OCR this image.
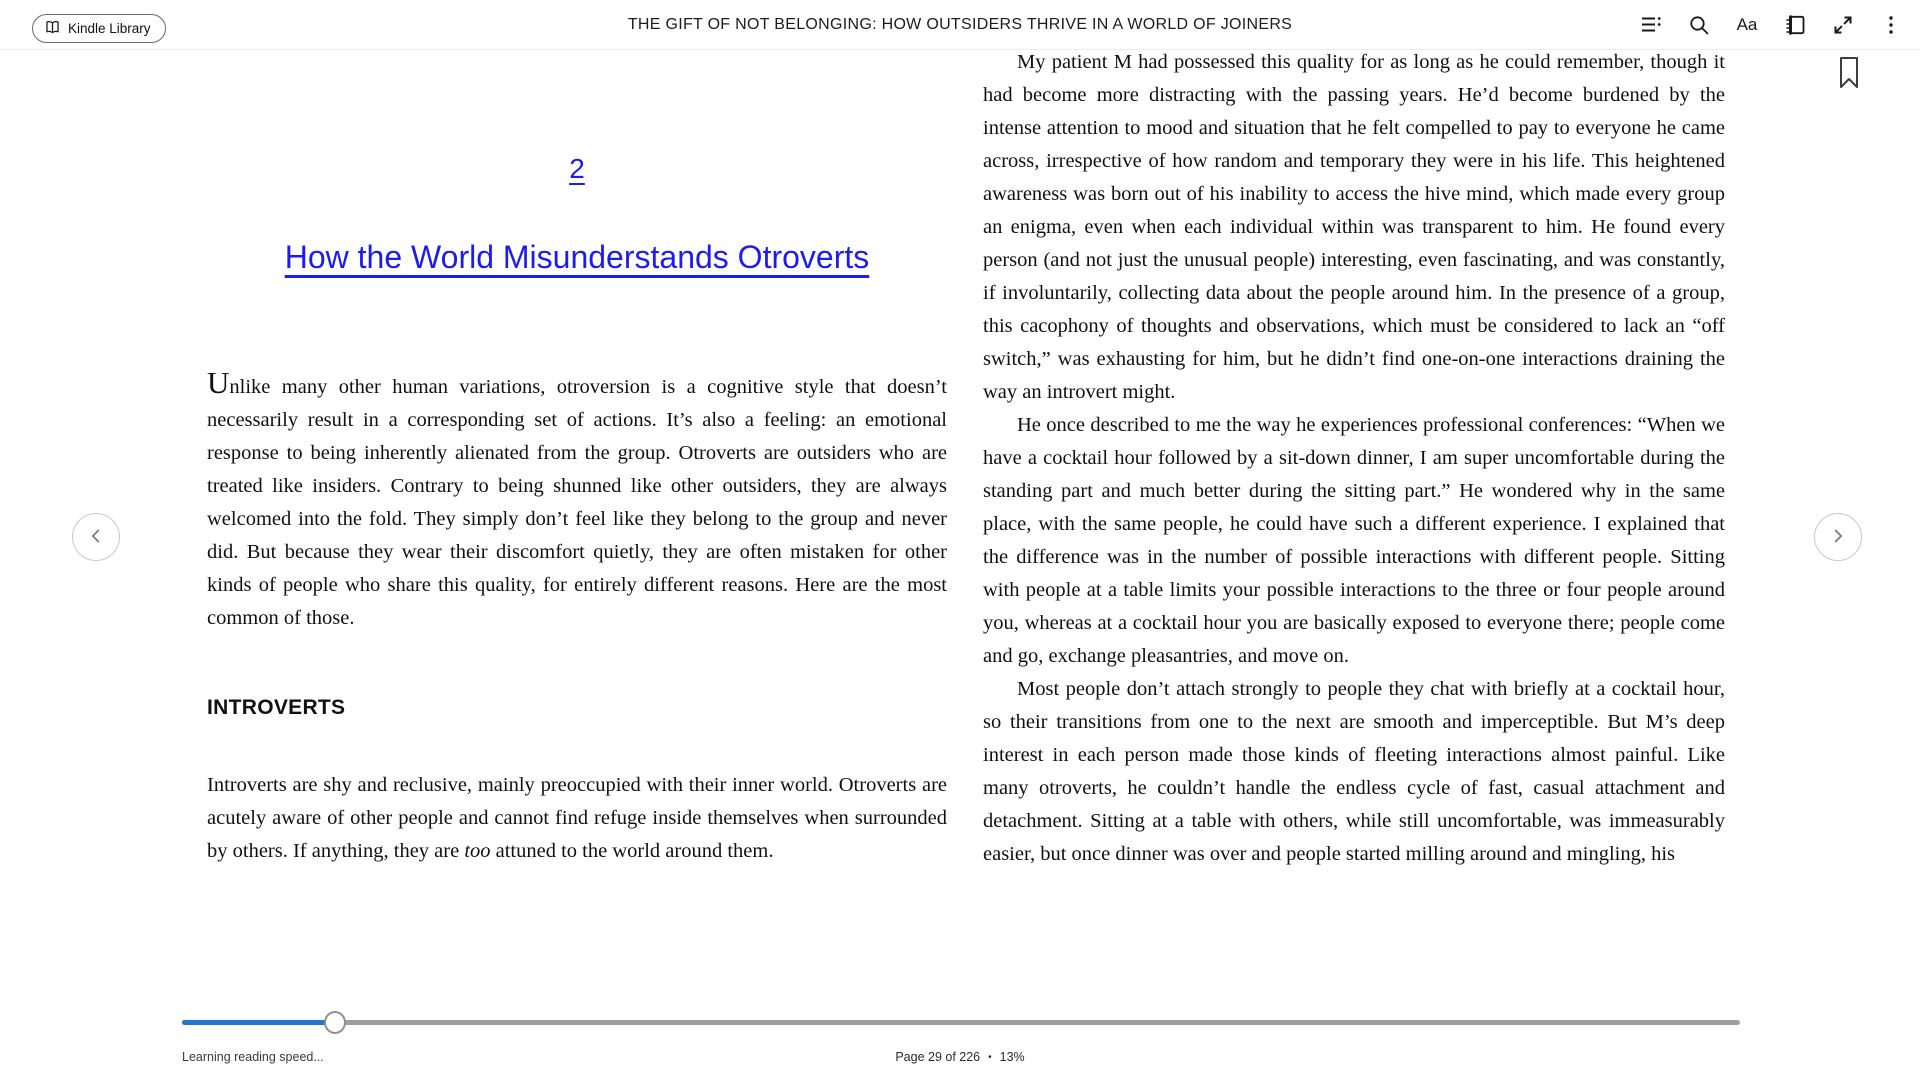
Kindle Library	THE GIFT OF NOT BELONGING: HOW OUTSIDERS THRIVE IN A WORLD OF JOINERS	Aa
2
How the World Misunderstands Otroverts

Unlike many other human variations, otroversion is a cognitive style that doesn’t necessarily result in a corresponding set of actions. It’s also a feeling: an emotional response to being inherently alienated from the group. Otroverts are outsiders who are treated like insiders. Contrary to being shunned like other outsiders, they are always welcomed into the fold. They simply don’t feel like they belong to the group and never did. But because they wear their discomfort quietly, they are often mistaken for other kinds of people who share this quality, for entirely different reasons. Here are the most common of those.

INTROVERTS

Introverts are shy and reclusive, mainly preoccupied with their inner world. Otroverts are acutely aware of other people and cannot find refuge inside themselves when surrounded by others. If anything, they are too attuned to the world around them.

My patient M had possessed this quality for as long as he could remember, though it had become more distracting with the passing years. He’d become burdened by the intense attention to mood and situation that he felt compelled to pay to everyone he came across, irrespective of how random and temporary they were in his life. This heightened awareness was born out of his inability to access the hive mind, which made every group an enigma, even when each individual within was transparent to him. He found every person (and not just the unusual people) interesting, even fascinating, and was constantly, if involuntarily, collecting data about the people around him. In the presence of a group, this cacophony of thoughts and observations, which must be considered to lack an “off switch,” was exhausting for him, but he didn’t find one-on-one interactions draining the way an introvert might.

He once described to me the way he experiences professional conferences: “When we have a cocktail hour followed by a sit-down dinner, I am super uncomfortable during the standing part and much better during the sitting part.” He wondered why in the same place, with the same people, he could have such a different experience. I explained that the difference was in the number of possible interactions with different people. Sitting with people at a table limits your possible interactions to the three or four people around you, whereas at a cocktail hour you are basically exposed to everyone there; people come and go, exchange pleasantries, and move on.

Most people don’t attach strongly to people they chat with briefly at a cocktail hour, so their transitions from one to the next are smooth and imperceptible. But M’s deep interest in each person made those kinds of fleeting interactions almost painful. Like many otroverts, he couldn’t handle the endless cycle of fast, casual attachment and detachment. Sitting at a table with others, while still uncomfortable, was immeasurably easier, but once dinner was over and people started milling around and mingling, his

Learning reading speed...	Page 29 of 226 • 13%
